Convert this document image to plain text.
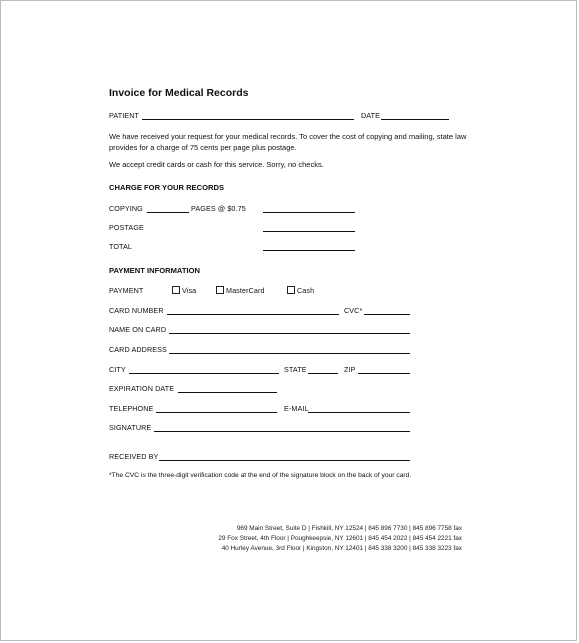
Invoice for Medical Records
PATIENT	DATE
We have received your request for your medical records. To cover the cost of copying and mailing, state law provides for a charge of 75 cents per page plus postage.
We accept credit cards or cash for this service. Sorry, no checks.
CHARGE FOR YOUR RECORDS
COPYING	PAGES @ $0.75
POSTAGE
TOTAL
PAYMENT INFORMATION
PAYMENT	Visa	MasterCard	Cash
CARD NUMBER	CVC*
NAME ON CARD
CARD ADDRESS
CITY	STATE	ZIP
EXPIRATION DATE
TELEPHONE	E-MAIL
SIGNATURE
RECEIVED BY
*The CVC is the three-digit verification code at the end of the signature block on the back of your card.
969 Main Street, Suite D | Fishkill, NY 12524 | 845 896 7730 | 845 896 7758 fax
29 Fox Street, 4th Floor | Poughkeepsie, NY 12601 | 845 454 2022 | 845 454 2221 fax
40 Hurley Avenue, 3rd Floor | Kingston, NY 12401 | 845 338 3200 | 845 338 3223 fax
